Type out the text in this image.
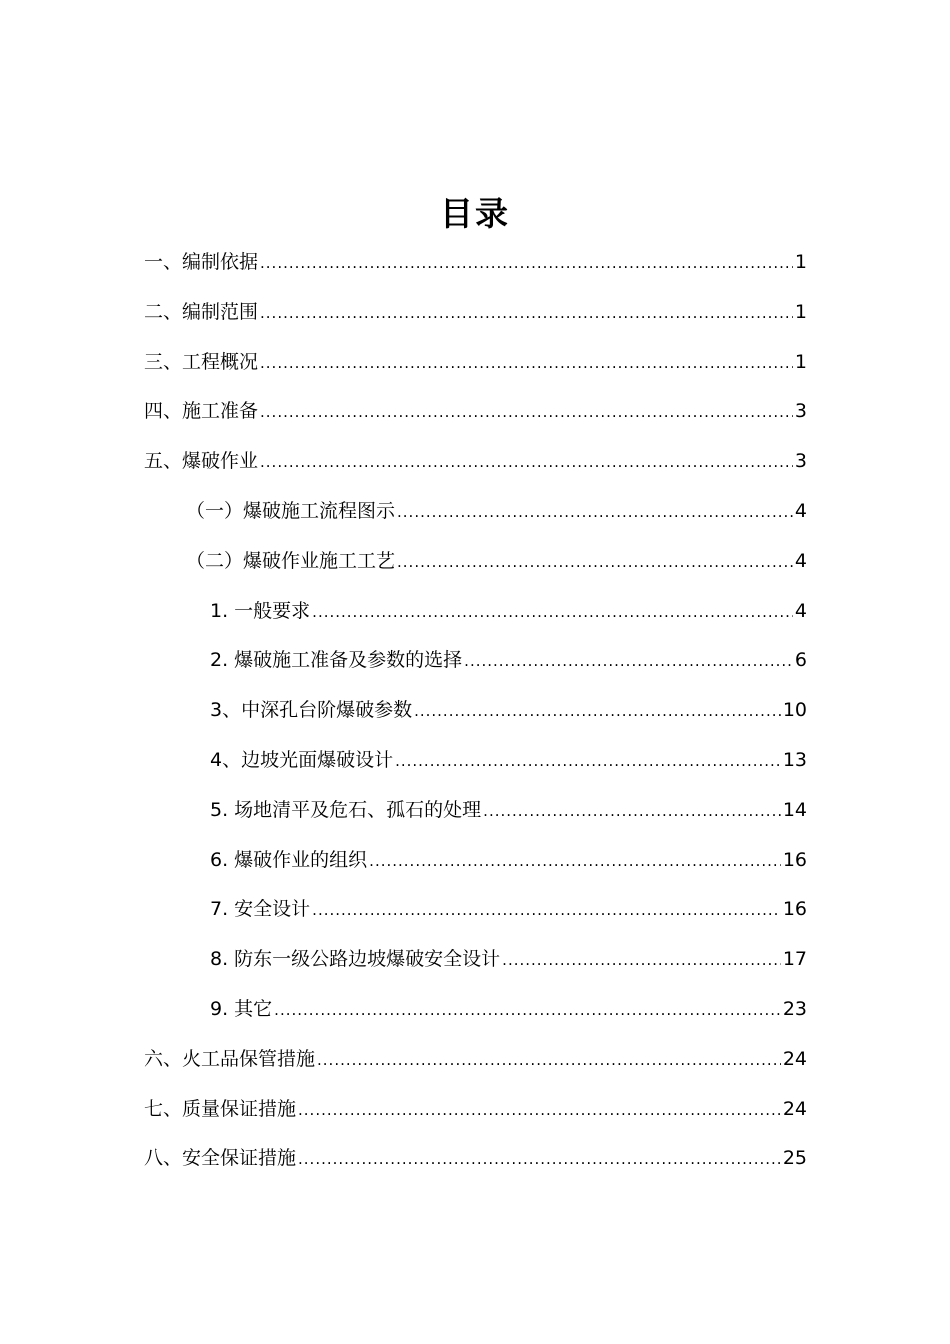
目录
一、编制依据 .....	1
二、编制范围 .....	1
三、工程概况 .....	1
四、施工准备 .....	3
五、爆破作业 .....	3
（一）爆破施工流程图示 .....	4
（二）爆破作业施工工艺 .....	4
1. 一般要求 .....	4
2. 爆破施工准备及参数的选择 .....	6
3、中深孔台阶爆破参数 .....	10
4、边坡光面爆破设计 .....	13
5. 场地清平及危石、孤石的处理 .....	14
6. 爆破作业的组织 .....	16
7. 安全设计 .....	16
8. 防东一级公路边坡爆破安全设计 .....	17
9. 其它 .....	23
六、火工品保管措施 .....	24
七、质量保证措施 .....	24
八、安全保证措施 .....	25
